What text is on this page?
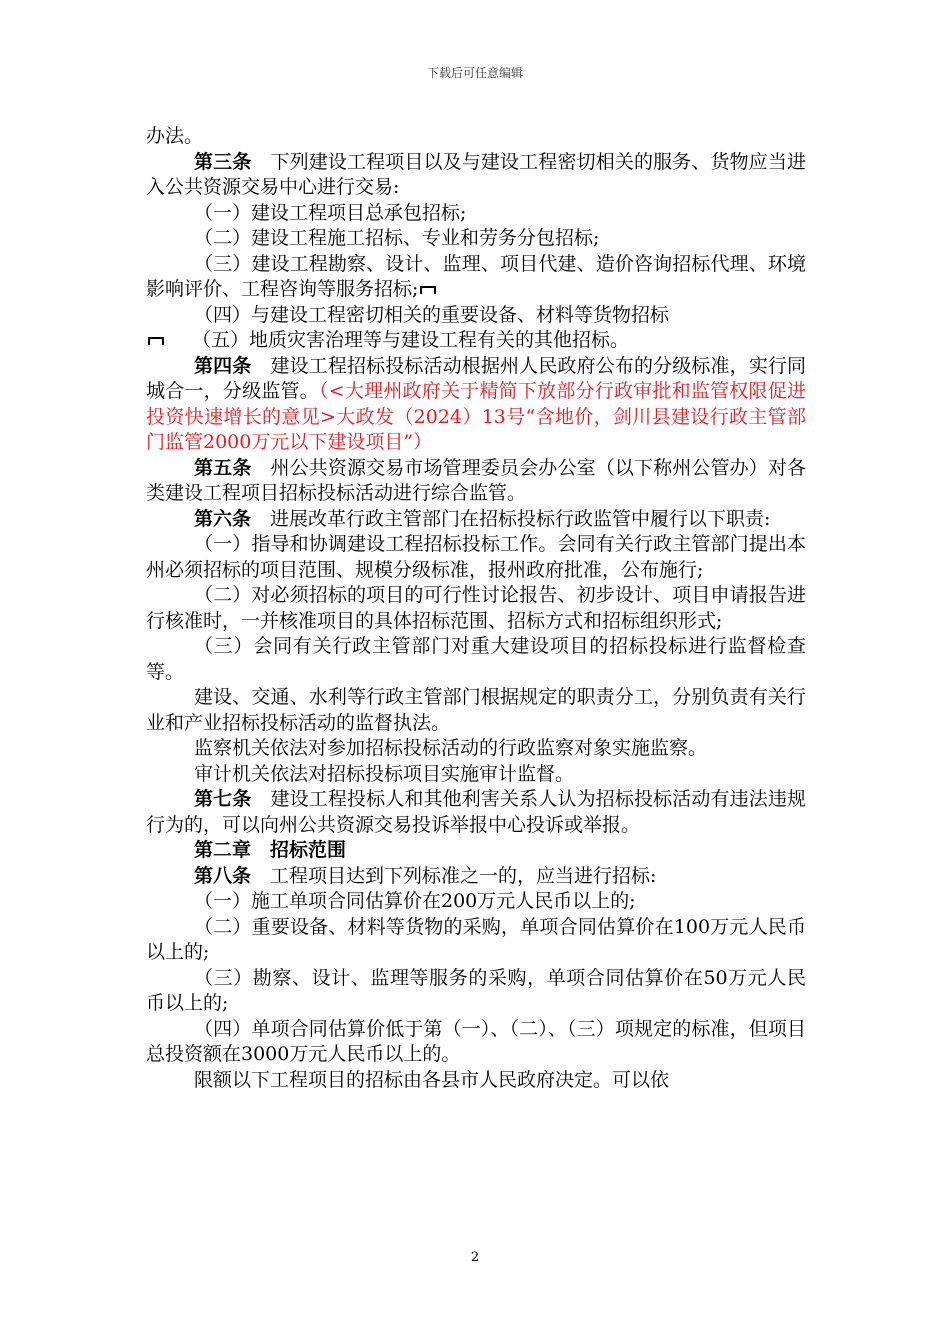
下载后可任意编辑

办法。

第三条　下列建设工程项目以及与建设工程密切相关的服务、货物应当进入公共资源交易中心进行交易:

（一）建设工程项目总承包招标;

（二）建设工程施工招标、专业和劳务分包招标;

（三）建设工程勘察、设计、监理、项目代建、造价咨询招标代理、环境影响评价、工程咨询等服务招标;

（四）与建设工程密切相关的重要设备、材料等货物招标

（五）地质灾害治理等与建设工程有关的其他招标。

第四条　建设工程招标投标活动根据州人民政府公布的分级标准，实行同城合一，分级监管。（<大理州政府关于精简下放部分行政审批和监管权限促进投资快速增长的意见>大政发（2024）13号“含地价，剑川县建设行政主管部门监管2000万元以下建设项目”）

第五条　州公共资源交易市场管理委员会办公室（以下称州公管办）对各类建设工程项目招标投标活动进行综合监管。

第六条　进展改革行政主管部门在招标投标行政监管中履行以下职责:

（一）指导和协调建设工程招标投标工作。会同有关行政主管部门提出本州必须招标的项目范围、规模分级标准，报州政府批准，公布施行;

（二）对必须招标的项目的可行性讨论报告、初步设计、项目申请报告进行核准时，一并核准项目的具体招标范围、招标方式和招标组织形式;

（三）会同有关行政主管部门对重大建设项目的招标投标进行监督检查等。

建设、交通、水利等行政主管部门根据规定的职责分工，分别负责有关行业和产业招标投标活动的监督执法。

监察机关依法对参加招标投标活动的行政监察对象实施监察。

审计机关依法对招标投标项目实施审计监督。

第七条　建设工程投标人和其他利害关系人认为招标投标活动有违法违规行为的，可以向州公共资源交易投诉举报中心投诉或举报。

第二章　招标范围

第八条　工程项目达到下列标准之一的，应当进行招标:

（一）施工单项合同估算价在200万元人民币以上的;

（二）重要设备、材料等货物的采购，单项合同估算价在100万元人民币以上的;

（三）勘察、设计、监理等服务的采购，单项合同估算价在50万元人民币以上的;

（四）单项合同估算价低于第（一）、（二）、（三）项规定的标准，但项目总投资额在3000万元人民币以上的。

限额以下工程项目的招标由各县市人民政府决定。可以依

2
